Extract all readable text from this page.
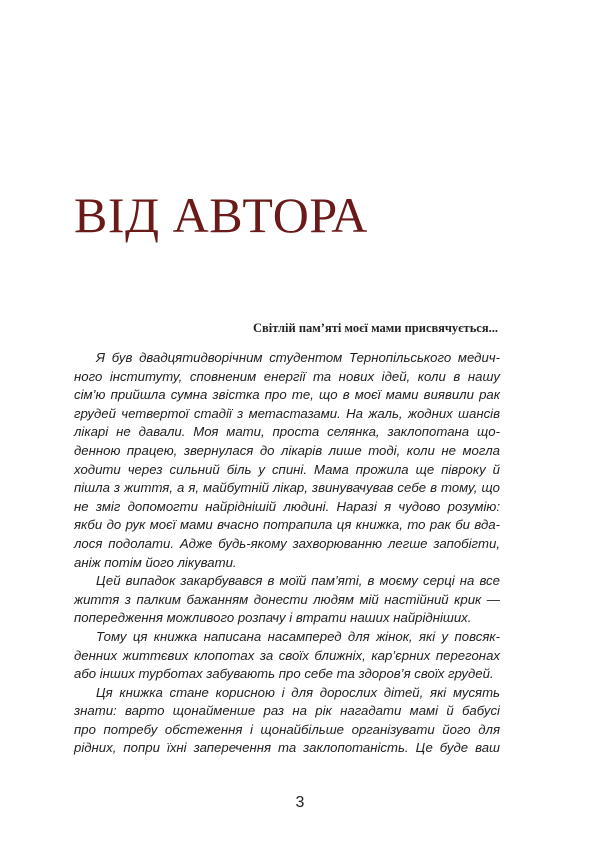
ВІД АВТОРА

Світлій пам’яті моєї мами присвячується...

Я був двадцятидворічним студентом Тернопільського медич-
ного інституту, сповненим енергії та нових ідей, коли в нашу
сім’ю прийшла сумна звістка про те, що в моєї мами виявили рак
грудей четвертої стадії з метастазами. На жаль, жодних шансів
лікарі не давали. Моя мати, проста селянка, заклопотана що-
денною працею, звернулася до лікарів лише тоді, коли не могла
ходити через сильний біль у спині. Мама прожила ще півроку й
пішла з життя, а я, майбутній лікар, звинувачував себе в тому, що
не зміг допомогти найріднішій людині. Наразі я чудово розумію:
якби до рук моєї мами вчасно потрапила ця книжка, то рак би вда-
лося подолати. Адже будь-якому захворюванню легше запобігти,
аніж потім його лікувати.

Цей випадок закарбувався в моїй пам’яті, в моєму серці на все
життя з палким бажанням донести людям мій настійний крик —
попередження можливого розпачу і втрати наших найрідніших.

Тому ця книжка написана насамперед для жінок, які у повсяк-
денних життєвих клопотах за своїх ближніх, кар’єрних перегонах
або інших турботах забувають про себе та здоров’я своїх грудей.

Ця книжка стане корисною і для дорослих дітей, які мусять
знати: варто щонайменше раз на рік нагадати мамі й бабусі
про потребу обстеження і щонайбільше організувати його для
рідних, попри їхні заперечення та заклопотаність. Це буде ваш

3
